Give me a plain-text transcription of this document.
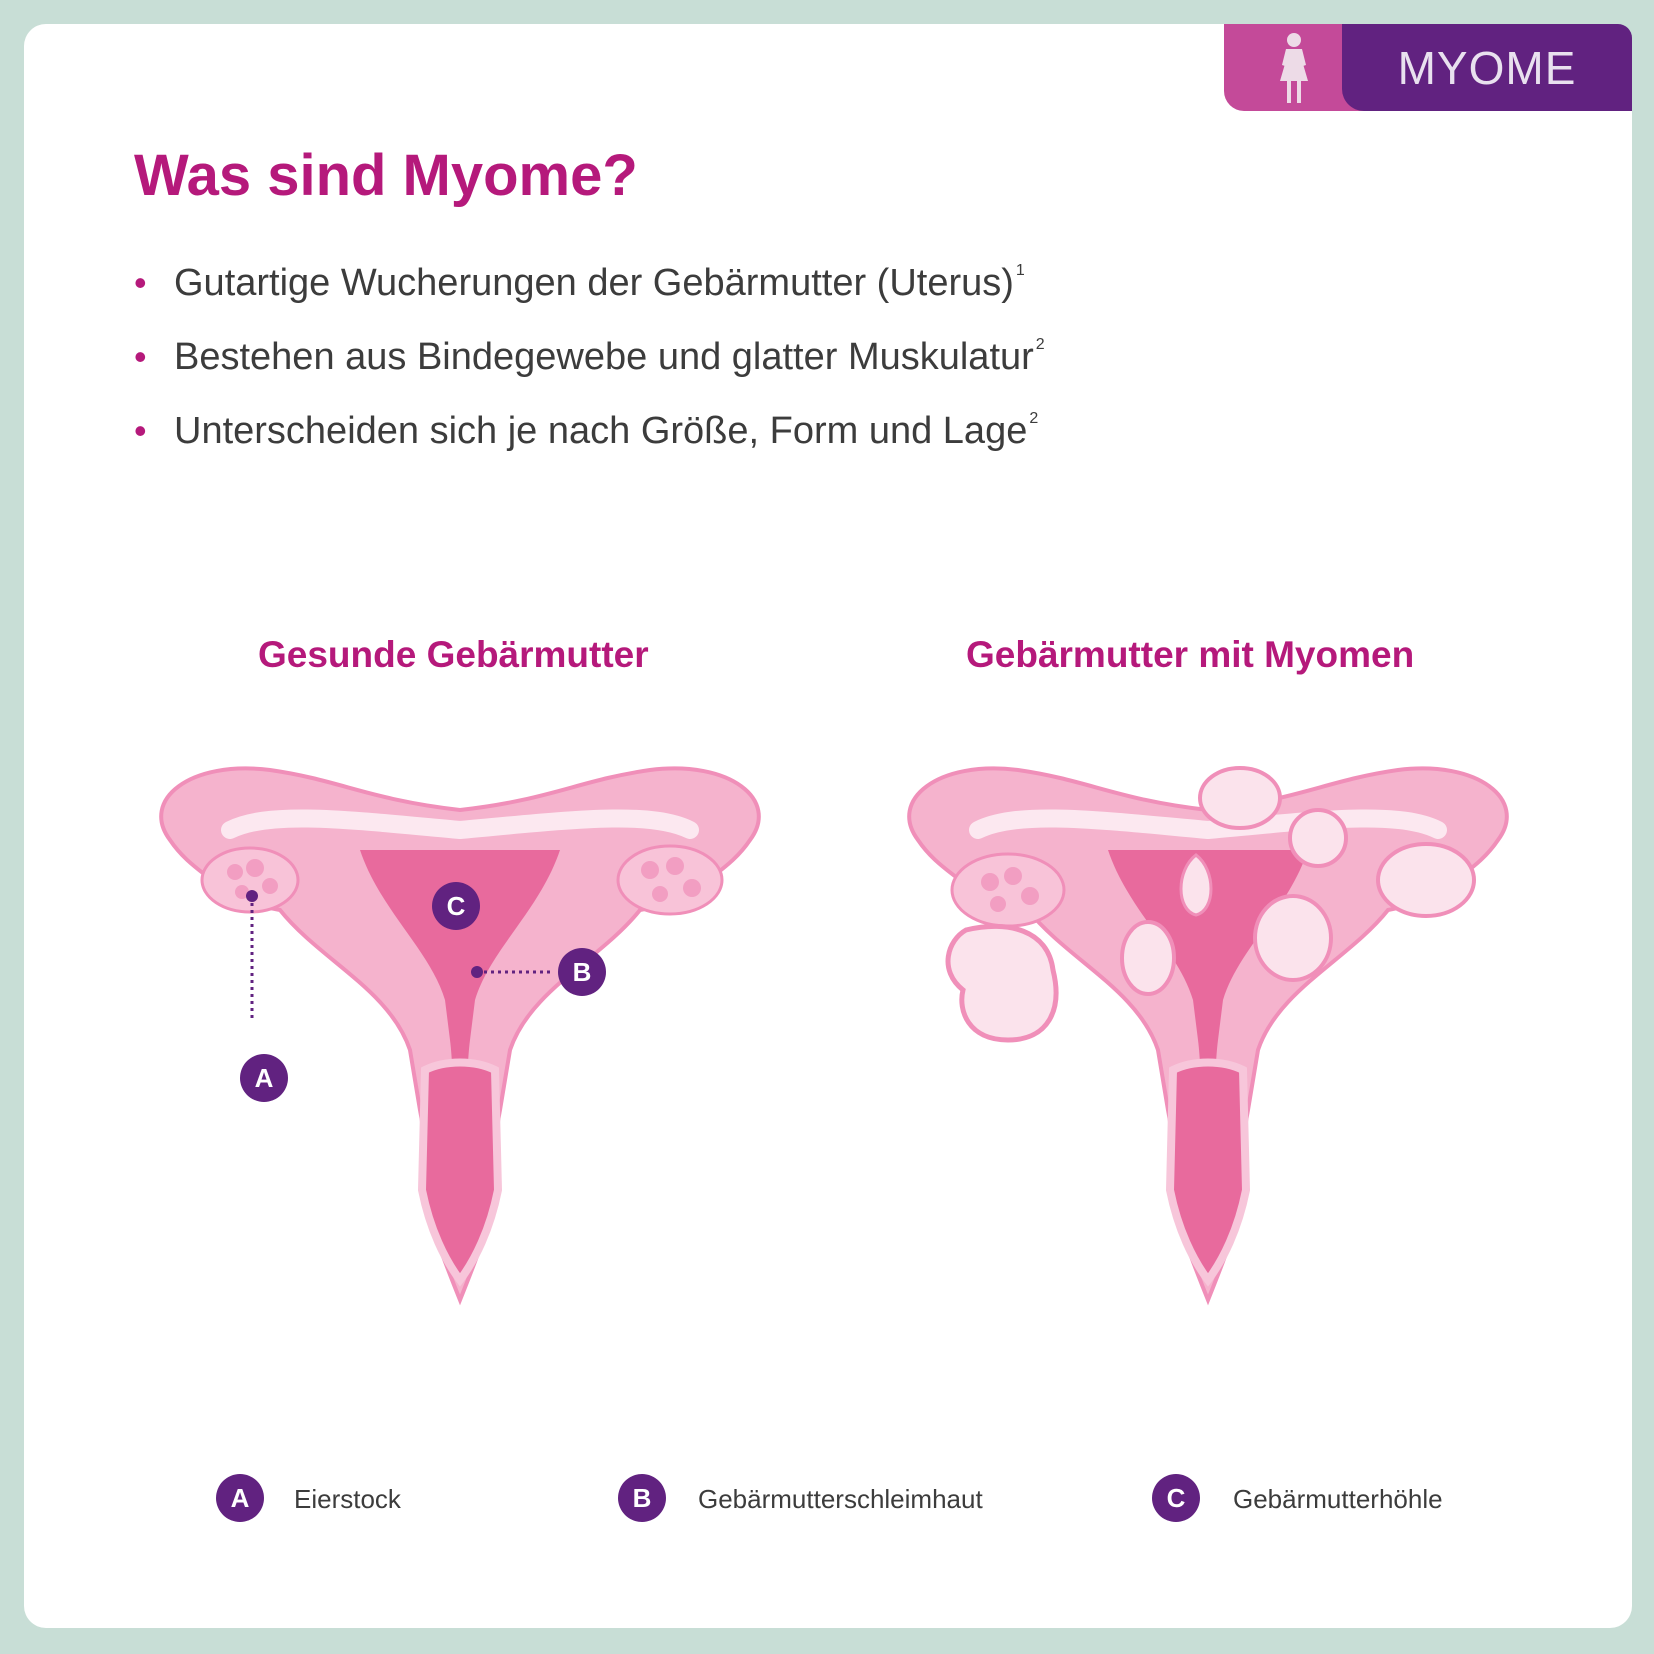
MYOME
Was sind Myome?
• Gutartige Wucherungen der Gebärmutter (Uterus)$^1$
• Bestehen aus Bindegewebe und glatter Muskulatur$^2$
• Unterscheiden sich je nach Größe, Form und Lage$^2$
Gesunde Gebärmutter	Gebärmutter mit Myomen
C
B
A
A	Eierstock	B	Gebärmutterschleimhaut	C	Gebärmutterhöhle
